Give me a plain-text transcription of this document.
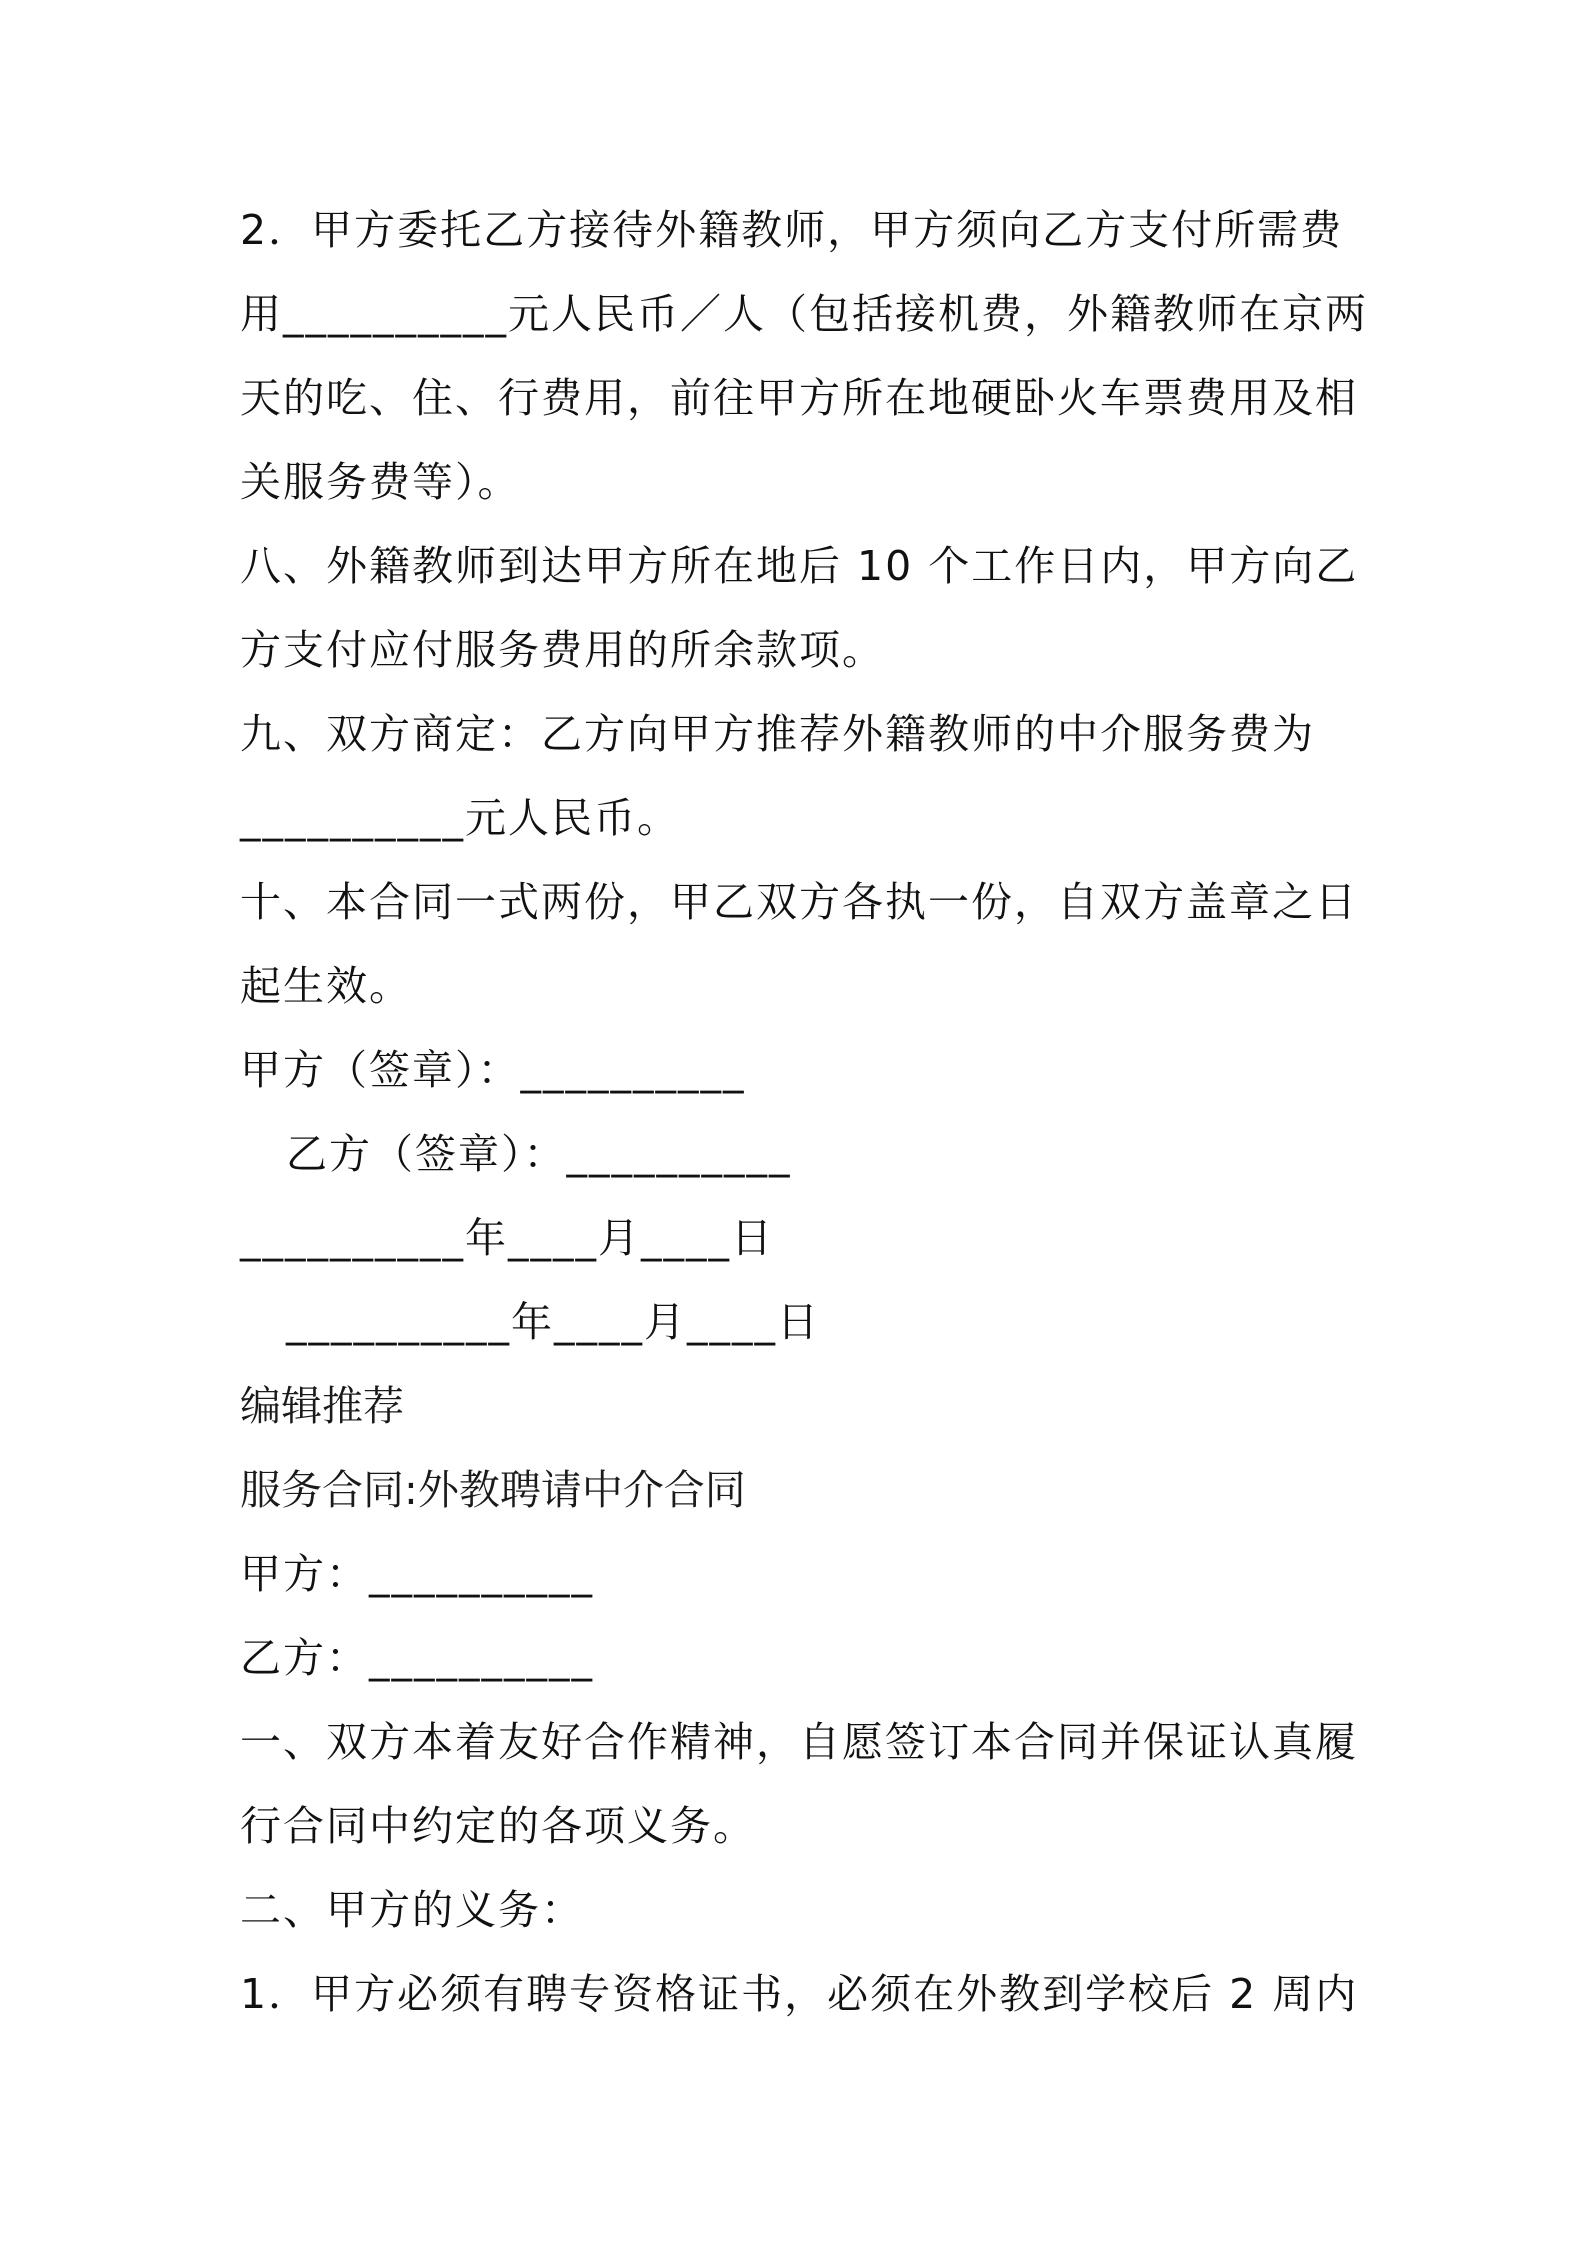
2．甲方委托乙方接待外籍教师，甲方须向乙方支付所需费
用__________元人民币／人（包括接机费，外籍教师在京两
天的吃、住、行费用，前往甲方所在地硬卧火车票费用及相
关服务费等）。
八、外籍教师到达甲方所在地后 10 个工作日内，甲方向乙
方支付应付服务费用的所余款项。
九、双方商定：乙方向甲方推荐外籍教师的中介服务费为
__________元人民币。
十、本合同一式两份，甲乙双方各执一份，自双方盖章之日
起生效。
甲方（签章）：__________
乙方（签章）：__________
__________年____月____日
__________年____月____日
编辑推荐
服务合同:外教聘请中介合同
甲方：__________
乙方：__________
一、双方本着友好合作精神，自愿签订本合同并保证认真履
行合同中约定的各项义务。
二、甲方的义务：
1．甲方必须有聘专资格证书，必须在外教到学校后 2 周内
